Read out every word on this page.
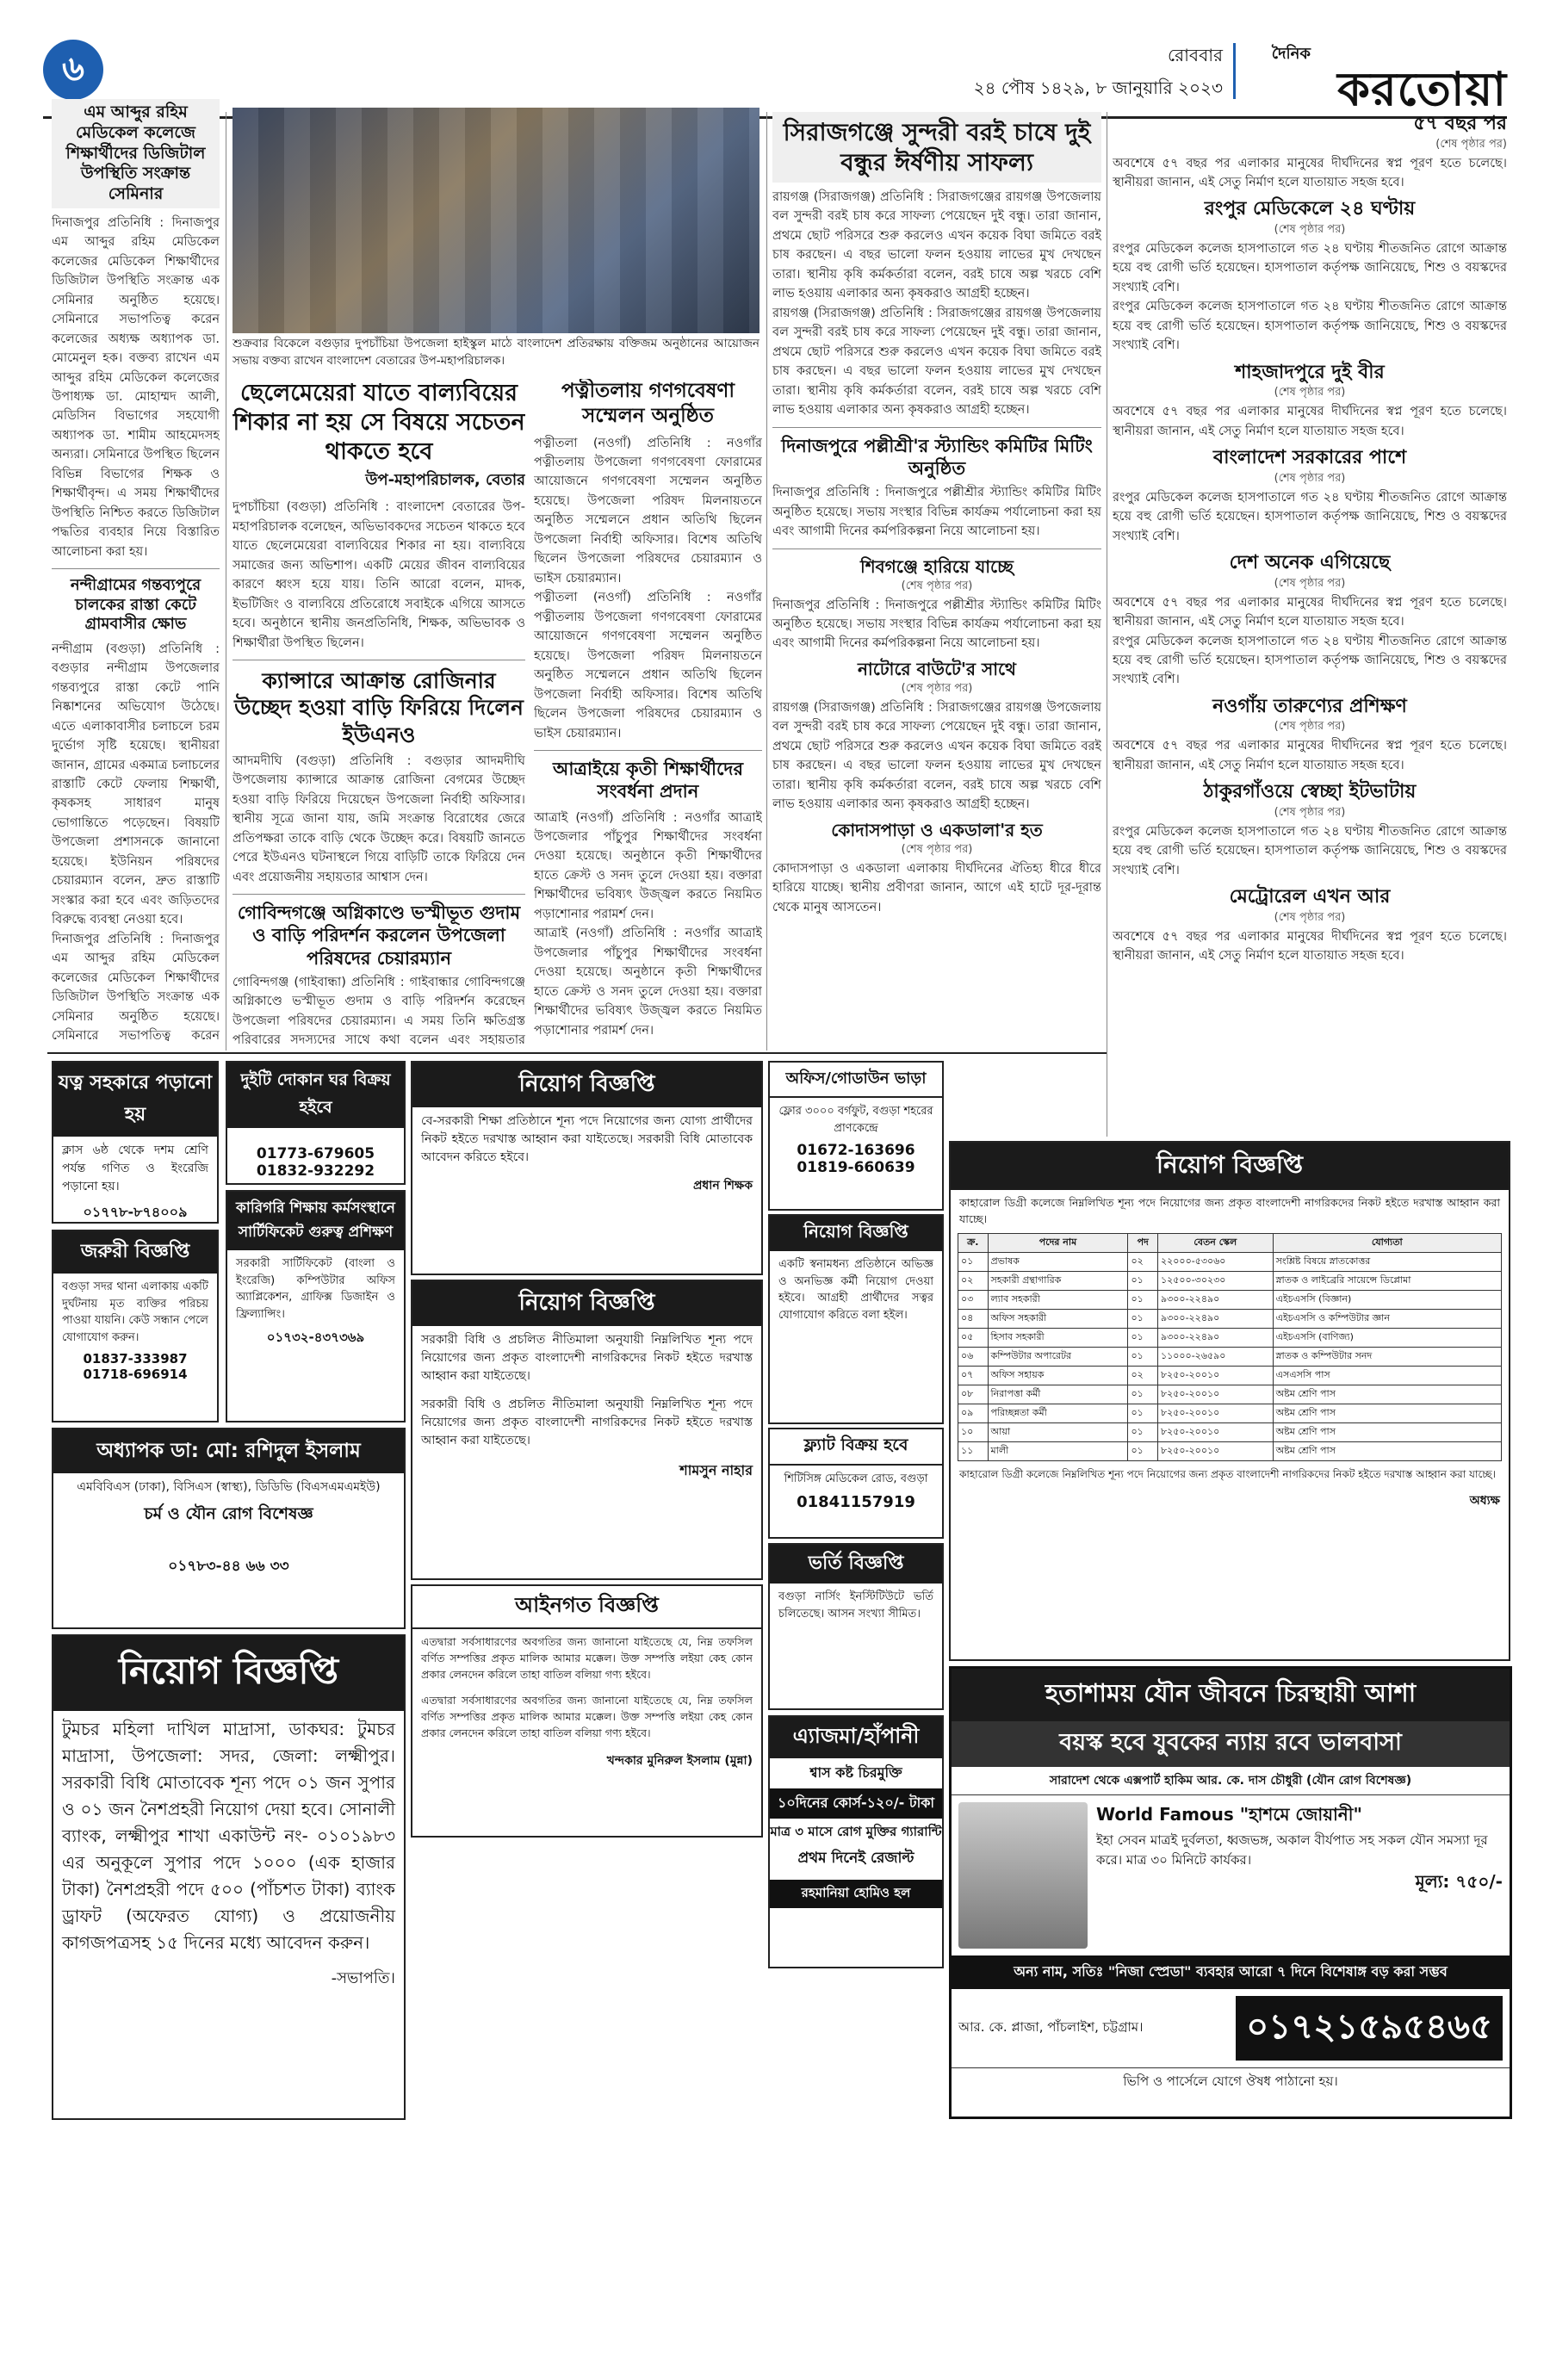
৬	রোববার
২৪ পৌষ ১৪২৯, ৮ জানুয়ারি ২০২৩
দৈনিক
করতোয়া
এম আব্দুর রহিম মেডিকেল কলেজে শিক্ষার্থীদের ডিজিটাল উপস্থিতি সংক্রান্ত সেমিনার
দিনাজপুর প্রতিনিধি : দিনাজপুর এম আব্দুর রহিম মেডিকেল কলেজের মেডিকেল শিক্ষার্থীদের ডিজিটাল উপস্থিতি সংক্রান্ত এক সেমিনার অনুষ্ঠিত হয়েছে। সেমিনারে সভাপতিত্ব করেন কলেজের অধ্যক্ষ অধ্যাপক ডা. মোমেনুল হক। বক্তব্য রাখেন এম আব্দুর রহিম মেডিকেল কলেজের উপাধ্যক্ষ ডা. মোহাম্মদ আলী, মেডিসিন বিভাগের সহযোগী অধ্যাপক ডা. শামীম আহমেদসহ অন্যরা। সেমিনারে উপস্থিত ছিলেন বিভিন্ন বিভাগের শিক্ষক ও শিক্ষার্থীবৃন্দ। এ সময় শিক্ষার্থীদের উপস্থিতি নিশ্চিত করতে ডিজিটাল পদ্ধতির ব্যবহার নিয়ে বিস্তারিত আলোচনা করা হয়।
নন্দীগ্রামের গন্তব্যপুরে চালকের রাস্তা কেটে গ্রামবাসীর ক্ষোভ
নন্দীগ্রাম (বগুড়া) প্রতিনিধি : বগুড়ার নন্দীগ্রাম উপজেলার গন্তব্যপুরে রাস্তা কেটে পানি নিষ্কাশনের অভিযোগ উঠেছে। এতে এলাকাবাসীর চলাচলে চরম দুর্ভোগ সৃষ্টি হয়েছে। স্থানীয়রা জানান, গ্রামের একমাত্র চলাচলের রাস্তাটি কেটে ফেলায় শিক্ষার্থী, কৃষকসহ সাধারণ মানুষ ভোগান্তিতে পড়েছেন। বিষয়টি উপজেলা প্রশাসনকে জানানো হয়েছে। ইউনিয়ন পরিষদের চেয়ারম্যান বলেন, দ্রুত রাস্তাটি সংস্কার করা হবে এবং জড়িতদের বিরুদ্ধে ব্যবস্থা নেওয়া হবে।
দিনাজপুর প্রতিনিধি : দিনাজপুর এম আব্দুর রহিম মেডিকেল কলেজের মেডিকেল শিক্ষার্থীদের ডিজিটাল উপস্থিতি সংক্রান্ত এক সেমিনার অনুষ্ঠিত হয়েছে। সেমিনারে সভাপতিত্ব করেন
শুক্রবার বিকেলে বগুড়ার দুপচাঁচিয়া উপজেলা হাইস্কুল মাঠে বাংলাদেশ প্রতিরক্ষায় বক্তিজম অনুষ্ঠানের আয়োজন সভায় বক্তব্য রাখেন বাংলাদেশ বেতারের উপ-মহাপরিচালক।
ছেলেমেয়েরা যাতে বাল্যবিয়ের শিকার না হয় সে বিষয়ে সচেতন থাকতে হবে
উপ-মহাপরিচালক, বেতার
দুপচাঁচিয়া (বগুড়া) প্রতিনিধি : বাংলাদেশ বেতারের উপ-মহাপরিচালক বলেছেন, অভিভাবকদের সচেতন থাকতে হবে যাতে ছেলেমেয়েরা বাল্যবিয়ের শিকার না হয়। বাল্যবিয়ে সমাজের জন্য অভিশাপ। একটি মেয়ের জীবন বাল্যবিয়ের কারণে ধ্বংস হয়ে যায়। তিনি আরো বলেন, মাদক, ইভটিজিং ও বাল্যবিয়ে প্রতিরোধে সবাইকে এগিয়ে আসতে হবে। অনুষ্ঠানে স্থানীয় জনপ্রতিনিধি, শিক্ষক, অভিভাবক ও শিক্ষার্থীরা উপস্থিত ছিলেন।
ক্যান্সারে আক্রান্ত রোজিনার উচ্ছেদ হওয়া বাড়ি ফিরিয়ে দিলেন ইউএনও
আদমদীঘি (বগুড়া) প্রতিনিধি : বগুড়ার আদমদীঘি উপজেলায় ক্যান্সারে আক্রান্ত রোজিনা বেগমের উচ্ছেদ হওয়া বাড়ি ফিরিয়ে দিয়েছেন উপজেলা নির্বাহী অফিসার। স্থানীয় সূত্রে জানা যায়, জমি সংক্রান্ত বিরোধের জেরে প্রতিপক্ষরা তাকে বাড়ি থেকে উচ্ছেদ করে। বিষয়টি জানতে পেরে ইউএনও ঘটনাস্থলে গিয়ে বাড়িটি তাকে ফিরিয়ে দেন এবং প্রয়োজনীয় সহায়তার আশ্বাস দেন।
গোবিন্দগঞ্জে অগ্নিকাণ্ডে ভস্মীভূত গুদাম ও বাড়ি পরিদর্শন করলেন উপজেলা পরিষদের চেয়ারম্যান
গোবিন্দগঞ্জ (গাইবান্ধা) প্রতিনিধি : গাইবান্ধার গোবিন্দগঞ্জে অগ্নিকাণ্ডে ভস্মীভূত গুদাম ও বাড়ি পরিদর্শন করেছেন উপজেলা পরিষদের চেয়ারম্যান। এ সময় তিনি ক্ষতিগ্রস্ত পরিবারের সদস্যদের সাথে কথা বলেন এবং সহায়তার
পত্নীতলায় গণগবেষণা সম্মেলন অনুষ্ঠিত
পত্নীতলা (নওগাঁ) প্রতিনিধি : নওগাঁর পত্নীতলায় উপজেলা গণগবেষণা ফোরামের আয়োজনে গণগবেষণা সম্মেলন অনুষ্ঠিত হয়েছে। উপজেলা পরিষদ মিলনায়তনে অনুষ্ঠিত সম্মেলনে প্রধান অতিথি ছিলেন উপজেলা নির্বাহী অফিসার। বিশেষ অতিথি ছিলেন উপজেলা পরিষদের চেয়ারম্যান ও ভাইস চেয়ারম্যান।
পত্নীতলা (নওগাঁ) প্রতিনিধি : নওগাঁর পত্নীতলায় উপজেলা গণগবেষণা ফোরামের আয়োজনে গণগবেষণা সম্মেলন অনুষ্ঠিত হয়েছে। উপজেলা পরিষদ মিলনায়তনে অনুষ্ঠিত সম্মেলনে প্রধান অতিথি ছিলেন উপজেলা নির্বাহী অফিসার। বিশেষ অতিথি ছিলেন উপজেলা পরিষদের চেয়ারম্যান ও ভাইস চেয়ারম্যান।
আত্রাইয়ে কৃতী শিক্ষার্থীদের সংবর্ধনা প্রদান
আত্রাই (নওগাঁ) প্রতিনিধি : নওগাঁর আত্রাই উপজেলার পাঁচুপুর শিক্ষার্থীদের সংবর্ধনা দেওয়া হয়েছে। অনুষ্ঠানে কৃতী শিক্ষার্থীদের হাতে ক্রেস্ট ও সনদ তুলে দেওয়া হয়। বক্তারা শিক্ষার্থীদের ভবিষ্যৎ উজ্জ্বল করতে নিয়মিত পড়াশোনার পরামর্শ দেন।
আত্রাই (নওগাঁ) প্রতিনিধি : নওগাঁর আত্রাই উপজেলার পাঁচুপুর শিক্ষার্থীদের সংবর্ধনা দেওয়া হয়েছে। অনুষ্ঠানে কৃতী শিক্ষার্থীদের হাতে ক্রেস্ট ও সনদ তুলে দেওয়া হয়। বক্তারা শিক্ষার্থীদের ভবিষ্যৎ উজ্জ্বল করতে নিয়মিত পড়াশোনার পরামর্শ দেন।
সিরাজগঞ্জে সুন্দরী বরই চাষে দুই বন্ধুর ঈর্ষণীয় সাফল্য
রায়গঞ্জ (সিরাজগঞ্জ) প্রতিনিধি : সিরাজগঞ্জের রায়গঞ্জ উপজেলায় বল সুন্দরী বরই চাষ করে সাফল্য পেয়েছেন দুই বন্ধু। তারা জানান, প্রথমে ছোট পরিসরে শুরু করলেও এখন কয়েক বিঘা জমিতে বরই চাষ করছেন। এ বছর ভালো ফলন হওয়ায় লাভের মুখ দেখছেন তারা। স্থানীয় কৃষি কর্মকর্তারা বলেন, বরই চাষে অল্প খরচে বেশি লাভ হওয়ায় এলাকার অন্য কৃষকরাও আগ্রহী হচ্ছেন।
রায়গঞ্জ (সিরাজগঞ্জ) প্রতিনিধি : সিরাজগঞ্জের রায়গঞ্জ উপজেলায় বল সুন্দরী বরই চাষ করে সাফল্য পেয়েছেন দুই বন্ধু। তারা জানান, প্রথমে ছোট পরিসরে শুরু করলেও এখন কয়েক বিঘা জমিতে বরই চাষ করছেন। এ বছর ভালো ফলন হওয়ায় লাভের মুখ দেখছেন তারা। স্থানীয় কৃষি কর্মকর্তারা বলেন, বরই চাষে অল্প খরচে বেশি লাভ হওয়ায় এলাকার অন্য কৃষকরাও আগ্রহী হচ্ছেন।
দিনাজপুরে পল্লীশ্রী'র স্ট্যান্ডিং কমিটির মিটিং অনুষ্ঠিত
দিনাজপুর প্রতিনিধি : দিনাজপুরে পল্লীশ্রীর স্ট্যান্ডিং কমিটির মিটিং অনুষ্ঠিত হয়েছে। সভায় সংস্থার বিভিন্ন কার্যক্রম পর্যালোচনা করা হয় এবং আগামী দিনের কর্মপরিকল্পনা নিয়ে আলোচনা হয়।
শিবগঞ্জে হারিয়ে যাচ্ছে
(শেষ পৃষ্ঠার পর)
দিনাজপুর প্রতিনিধি : দিনাজপুরে পল্লীশ্রীর স্ট্যান্ডিং কমিটির মিটিং অনুষ্ঠিত হয়েছে। সভায় সংস্থার বিভিন্ন কার্যক্রম পর্যালোচনা করা হয় এবং আগামী দিনের কর্মপরিকল্পনা নিয়ে আলোচনা হয়।
নাটোরে বাউটে'র সাথে
(শেষ পৃষ্ঠার পর)
রায়গঞ্জ (সিরাজগঞ্জ) প্রতিনিধি : সিরাজগঞ্জের রায়গঞ্জ উপজেলায় বল সুন্দরী বরই চাষ করে সাফল্য পেয়েছেন দুই বন্ধু। তারা জানান, প্রথমে ছোট পরিসরে শুরু করলেও এখন কয়েক বিঘা জমিতে বরই চাষ করছেন। এ বছর ভালো ফলন হওয়ায় লাভের মুখ দেখছেন তারা। স্থানীয় কৃষি কর্মকর্তারা বলেন, বরই চাষে অল্প খরচে বেশি লাভ হওয়ায় এলাকার অন্য কৃষকরাও আগ্রহী হচ্ছেন।
কোদাসপাড়া ও একডালা'র হত
(শেষ পৃষ্ঠার পর)
কোদাসপাড়া ও একডালা এলাকায় দীর্ঘদিনের ঐতিহ্য ধীরে ধীরে হারিয়ে যাচ্ছে। স্থানীয় প্রবীণরা জানান, আগে এই হাটে দূর-দূরান্ত থেকে মানুষ আসতেন।
৫৭ বছর পর
(শেষ পৃষ্ঠার পর)
অবশেষে ৫৭ বছর পর এলাকার মানুষের দীর্ঘদিনের স্বপ্ন পূরণ হতে চলেছে। স্থানীয়রা জানান, এই সেতু নির্মাণ হলে যাতায়াত সহজ হবে।
রংপুর মেডিকেলে ২৪ ঘণ্টায়
(শেষ পৃষ্ঠার পর)
রংপুর মেডিকেল কলেজ হাসপাতালে গত ২৪ ঘণ্টায় শীতজনিত রোগে আক্রান্ত হয়ে বহু রোগী ভর্তি হয়েছেন। হাসপাতাল কর্তৃপক্ষ জানিয়েছে, শিশু ও বয়স্কদের সংখ্যাই বেশি।
রংপুর মেডিকেল কলেজ হাসপাতালে গত ২৪ ঘণ্টায় শীতজনিত রোগে আক্রান্ত হয়ে বহু রোগী ভর্তি হয়েছেন। হাসপাতাল কর্তৃপক্ষ জানিয়েছে, শিশু ও বয়স্কদের সংখ্যাই বেশি।
শাহজাদপুরে দুই বীর
(শেষ পৃষ্ঠার পর)
অবশেষে ৫৭ বছর পর এলাকার মানুষের দীর্ঘদিনের স্বপ্ন পূরণ হতে চলেছে। স্থানীয়রা জানান, এই সেতু নির্মাণ হলে যাতায়াত সহজ হবে।
বাংলাদেশ সরকারের পাশে
(শেষ পৃষ্ঠার পর)
রংপুর মেডিকেল কলেজ হাসপাতালে গত ২৪ ঘণ্টায় শীতজনিত রোগে আক্রান্ত হয়ে বহু রোগী ভর্তি হয়েছেন। হাসপাতাল কর্তৃপক্ষ জানিয়েছে, শিশু ও বয়স্কদের সংখ্যাই বেশি।
দেশ অনেক এগিয়েছে
(শেষ পৃষ্ঠার পর)
অবশেষে ৫৭ বছর পর এলাকার মানুষের দীর্ঘদিনের স্বপ্ন পূরণ হতে চলেছে। স্থানীয়রা জানান, এই সেতু নির্মাণ হলে যাতায়াত সহজ হবে।
রংপুর মেডিকেল কলেজ হাসপাতালে গত ২৪ ঘণ্টায় শীতজনিত রোগে আক্রান্ত হয়ে বহু রোগী ভর্তি হয়েছেন। হাসপাতাল কর্তৃপক্ষ জানিয়েছে, শিশু ও বয়স্কদের সংখ্যাই বেশি।
নওগাঁয় তারুণ্যের প্রশিক্ষণ
(শেষ পৃষ্ঠার পর)
অবশেষে ৫৭ বছর পর এলাকার মানুষের দীর্ঘদিনের স্বপ্ন পূরণ হতে চলেছে। স্থানীয়রা জানান, এই সেতু নির্মাণ হলে যাতায়াত সহজ হবে।
ঠাকুরগাঁওয়ে স্বেচ্ছা ইটভাটায়
(শেষ পৃষ্ঠার পর)
রংপুর মেডিকেল কলেজ হাসপাতালে গত ২৪ ঘণ্টায় শীতজনিত রোগে আক্রান্ত হয়ে বহু রোগী ভর্তি হয়েছেন। হাসপাতাল কর্তৃপক্ষ জানিয়েছে, শিশু ও বয়স্কদের সংখ্যাই বেশি।
মেট্রোরেল এখন আর
(শেষ পৃষ্ঠার পর)
অবশেষে ৫৭ বছর পর এলাকার মানুষের দীর্ঘদিনের স্বপ্ন পূরণ হতে চলেছে। স্থানীয়রা জানান, এই সেতু নির্মাণ হলে যাতায়াত সহজ হবে।
যত্ন সহকারে পড়ানো হয়
ক্লাস ৬ষ্ঠ থেকে দশম শ্রেণি পর্যন্ত গণিত ও ইংরেজি পড়ানো হয়।
০১৭৭৮-৮৭৪০০৯
জরুরী বিজ্ঞপ্তি
বগুড়া সদর থানা এলাকায় একটি দুর্ঘটনায় মৃত ব্যক্তির পরিচয় পাওয়া যায়নি। কেউ সন্ধান পেলে যোগাযোগ করুন।
01837-333987
01718-696914
দুইটি দোকান ঘর বিক্রয় হইবে
01773-679605
01832-932292
কারিগরি শিক্ষায় কর্মসংস্থানে সার্টিফিকেট গুরুত্ব প্রশিক্ষণ
সরকারী সার্টিফিকেট (বাংলা ও ইংরেজি) কম্পিউটার অফিস অ্যাপ্লিকেশন, গ্রাফিক্স ডিজাইন ও ফ্রিল্যান্সিং।
০১৭৩২-৪৩৭৩৬৯
নিয়োগ বিজ্ঞপ্তি
বে-সরকারী শিক্ষা প্রতিষ্ঠানে শূন্য পদে নিয়োগের জন্য যোগ্য প্রার্থীদের নিকট হইতে দরখাস্ত আহ্বান করা যাইতেছে। সরকারী বিধি মোতাবেক আবেদন করিতে হইবে।
প্রধান শিক্ষক
নিয়োগ বিজ্ঞপ্তি
সরকারী বিধি ও প্রচলিত নীতিমালা অনুযায়ী নিম্নলিখিত শূন্য পদে নিয়োগের জন্য প্রকৃত বাংলাদেশী নাগরিকদের নিকট হইতে দরখাস্ত আহ্বান করা যাইতেছে।
সরকারী বিধি ও প্রচলিত নীতিমালা অনুযায়ী নিম্নলিখিত শূন্য পদে নিয়োগের জন্য প্রকৃত বাংলাদেশী নাগরিকদের নিকট হইতে দরখাস্ত আহ্বান করা যাইতেছে।
শামসুন নাহার
অধ্যাপক ডা: মো: রশিদুল ইসলাম
এমবিবিএস (ঢাকা), বিসিএস (স্বাস্থ্য), ডিডিভি (বিএসএমএমইউ)
চর্ম ও যৌন রোগ বিশেষজ্ঞ
০১৭৮৩-৪৪ ৬৬ ৩৩
আইনগত বিজ্ঞপ্তি
এতদ্বারা সর্বসাধারণের অবগতির জন্য জানানো যাইতেছে যে, নিম্ন তফসিল বর্ণিত সম্পত্তির প্রকৃত মালিক আমার মক্কেল। উক্ত সম্পত্তি লইয়া কেহ কোন প্রকার লেনদেন করিলে তাহা বাতিল বলিয়া গণ্য হইবে।
এতদ্বারা সর্বসাধারণের অবগতির জন্য জানানো যাইতেছে যে, নিম্ন তফসিল বর্ণিত সম্পত্তির প্রকৃত মালিক আমার মক্কেল। উক্ত সম্পত্তি লইয়া কেহ কোন প্রকার লেনদেন করিলে তাহা বাতিল বলিয়া গণ্য হইবে।
খন্দকার মুনিরুল ইসলাম (মুন্না)
নিয়োগ বিজ্ঞপ্তি
টুমচর মহিলা দাখিল মাদ্রাসা, ডাকঘর: টুমচর মাদ্রাসা, উপজেলা: সদর, জেলা: লক্ষ্মীপুর। সরকারী বিধি মোতাবেক শূন্য পদে ০১ জন সুপার ও ০১ জন নৈশপ্রহরী নিয়োগ দেয়া হবে। সোনালী ব্যাংক, লক্ষ্মীপুর শাখা একাউন্ট নং- ০১০১৯৮৩ এর অনুকূলে সুপার পদে ১০০০ (এক হাজার টাকা) নৈশপ্রহরী পদে ৫০০ (পাঁচশত টাকা) ব্যাংক ড্রাফট (অফেরত যোগ্য) ও প্রয়োজনীয় কাগজপত্রসহ ১৫ দিনের মধ্যে আবেদন করুন।
-সভাপতি।
অফিস/গোডাউন ভাড়া
ফ্লোর ৩০০০ বর্গফুট, বগুড়া শহরের প্রাণকেন্দ্রে
01672-163696
01819-660639
নিয়োগ বিজ্ঞপ্তি
একটি স্বনামধন্য প্রতিষ্ঠানে অভিজ্ঞ ও অনভিজ্ঞ কর্মী নিয়োগ দেওয়া হইবে। আগ্রহী প্রার্থীদের সত্বর যোগাযোগ করিতে বলা হইল।
ফ্ল্যাট বিক্রয় হবে
শিটিসিঙ্গ মেডিকেল রোড, বগুড়া
01841157919
ভর্তি বিজ্ঞপ্তি
বগুড়া নার্সিং ইনস্টিটিউটে ভর্তি চলিতেছে। আসন সংখ্যা সীমিত।
এ্যাজমা/হাঁপানী
শ্বাস কষ্ট চিরমুক্তি
১০দিনের কোর্স-১২০/- টাকা
মাত্র ৩ মাসে রোগ মুক্তির গ্যারান্টি
প্রথম দিনেই রেজাল্ট
রহমানিয়া হোমিও হল
নিয়োগ বিজ্ঞপ্তি
কাহারোল ডিগ্রী কলেজে নিম্নলিখিত শূন্য পদে নিয়োগের জন্য প্রকৃত বাংলাদেশী নাগরিকদের নিকট হইতে দরখাস্ত আহ্বান করা যাচ্ছে।
ক্র.	পদের নাম	পদ	বেতন স্কেল	যোগ্যতা
০১	প্রভাষক	০২	২২০০০-৫৩০৬০	সংশ্লিষ্ট বিষয়ে স্নাতকোত্তর
০২	সহকারী গ্রন্থাগারিক	০১	১২৫০০-৩০২৩০	স্নাতক ও লাইব্রেরি সায়েন্সে ডিপ্লোমা
০৩	ল্যাব সহকারী	০১	৯৩০০-২২৪৯০	এইচএসসি (বিজ্ঞান)
০৪	অফিস সহকারী	০১	৯৩০০-২২৪৯০	এইচএসসি ও কম্পিউটার জ্ঞান
০৫	হিসাব সহকারী	০১	৯৩০০-২২৪৯০	এইচএসসি (বাণিজ্য)
০৬	কম্পিউটার অপারেটর	০১	১১০০০-২৬৫৯০	স্নাতক ও কম্পিউটার সনদ
০৭	অফিস সহায়ক	০২	৮২৫০-২০০১০	এসএসসি পাস
০৮	নিরাপত্তা কর্মী	০১	৮২৫০-২০০১০	অষ্টম শ্রেণি পাস
০৯	পরিচ্ছন্নতা কর্মী	০১	৮২৫০-২০০১০	অষ্টম শ্রেণি পাস
১০	আয়া	০১	৮২৫০-২০০১০	অষ্টম শ্রেণি পাস
১১	মালী	০১	৮২৫০-২০০১০	অষ্টম শ্রেণি পাস
কাহারোল ডিগ্রী কলেজে নিম্নলিখিত শূন্য পদে নিয়োগের জন্য প্রকৃত বাংলাদেশী নাগরিকদের নিকট হইতে দরখাস্ত আহ্বান করা যাচ্ছে।
অধ্যক্ষ
হতাশাময় যৌন জীবনে চিরস্থায়ী আশা
বয়স্ক হবে যুবকের ন্যায় রবে ভালবাসা
সারাদেশ থেকে এক্সপার্ট হাকিম আর. কে. দাস চৌধুরী (যৌন রোগ বিশেষজ্ঞ)
World Famous "হাশমে জোয়ানী"
ইহা সেবন মাত্রই দুর্বলতা, ধ্বজভঙ্গ, অকাল বীর্যপাত সহ সকল যৌন সমস্যা দূর করে। মাত্র ৩০ মিনিটে কার্যকর।
মূল্য: ৭৫০/-
অন্য নাম, সতিঃ "নিজা স্প্রেডা" ব্যবহার আরো ৭ দিনে বিশেষাঙ্গ বড় করা সম্ভব
আর. কে. প্লাজা, পাঁচলাইশ, চট্টগ্রাম।	০১৭২১৫৯৫৪৬৫
ভিপি ও পার্সেলে যোগে ঔষধ পাঠানো হয়।
